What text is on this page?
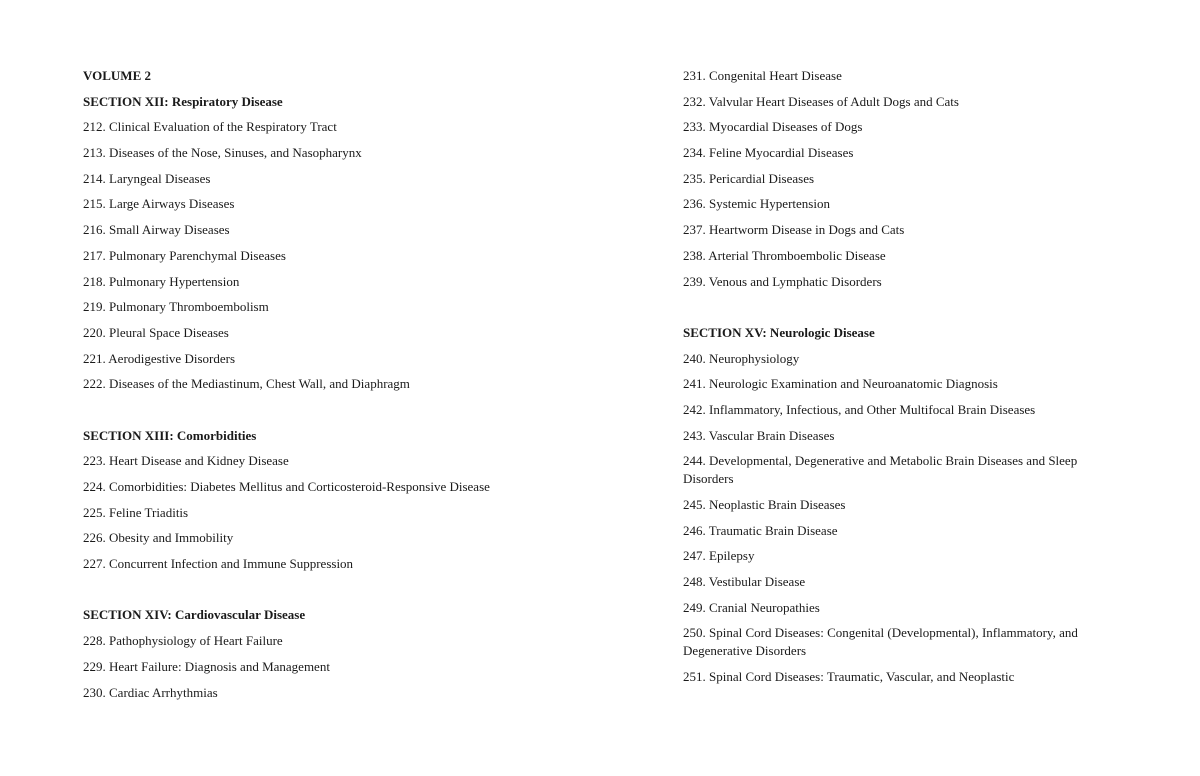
VOLUME 2

SECTION XII: Respiratory Disease

212. Clinical Evaluation of the Respiratory Tract

213. Diseases of the Nose, Sinuses, and Nasopharynx

214. Laryngeal Diseases

215. Large Airways Diseases

216. Small Airway Diseases

217. Pulmonary Parenchymal Diseases

218. Pulmonary Hypertension

219. Pulmonary Thromboembolism

220. Pleural Space Diseases

221. Aerodigestive Disorders

222. Diseases of the Mediastinum, Chest Wall, and Diaphragm

SECTION XIII: Comorbidities

223. Heart Disease and Kidney Disease

224. Comorbidities: Diabetes Mellitus and Corticosteroid-Responsive Disease

225. Feline Triaditis

226. Obesity and Immobility

227. Concurrent Infection and Immune Suppression

SECTION XIV: Cardiovascular Disease

228. Pathophysiology of Heart Failure

229. Heart Failure: Diagnosis and Management

230. Cardiac Arrhythmias

231. Congenital Heart Disease

232. Valvular Heart Diseases of Adult Dogs and Cats

233. Myocardial Diseases of Dogs

234. Feline Myocardial Diseases

235. Pericardial Diseases

236. Systemic Hypertension

237. Heartworm Disease in Dogs and Cats

238. Arterial Thromboembolic Disease

239. Venous and Lymphatic Disorders

SECTION XV: Neurologic Disease

240. Neurophysiology

241. Neurologic Examination and Neuroanatomic Diagnosis

242. Inflammatory, Infectious, and Other Multifocal Brain Diseases

243. Vascular Brain Diseases

244. Developmental, Degenerative and Metabolic Brain Diseases and Sleep Disorders

245. Neoplastic Brain Diseases

246. Traumatic Brain Disease

247. Epilepsy

248. Vestibular Disease

249. Cranial Neuropathies

250. Spinal Cord Diseases: Congenital (Developmental), Inflammatory, and Degenerative Disorders

251. Spinal Cord Diseases: Traumatic, Vascular, and Neoplastic
